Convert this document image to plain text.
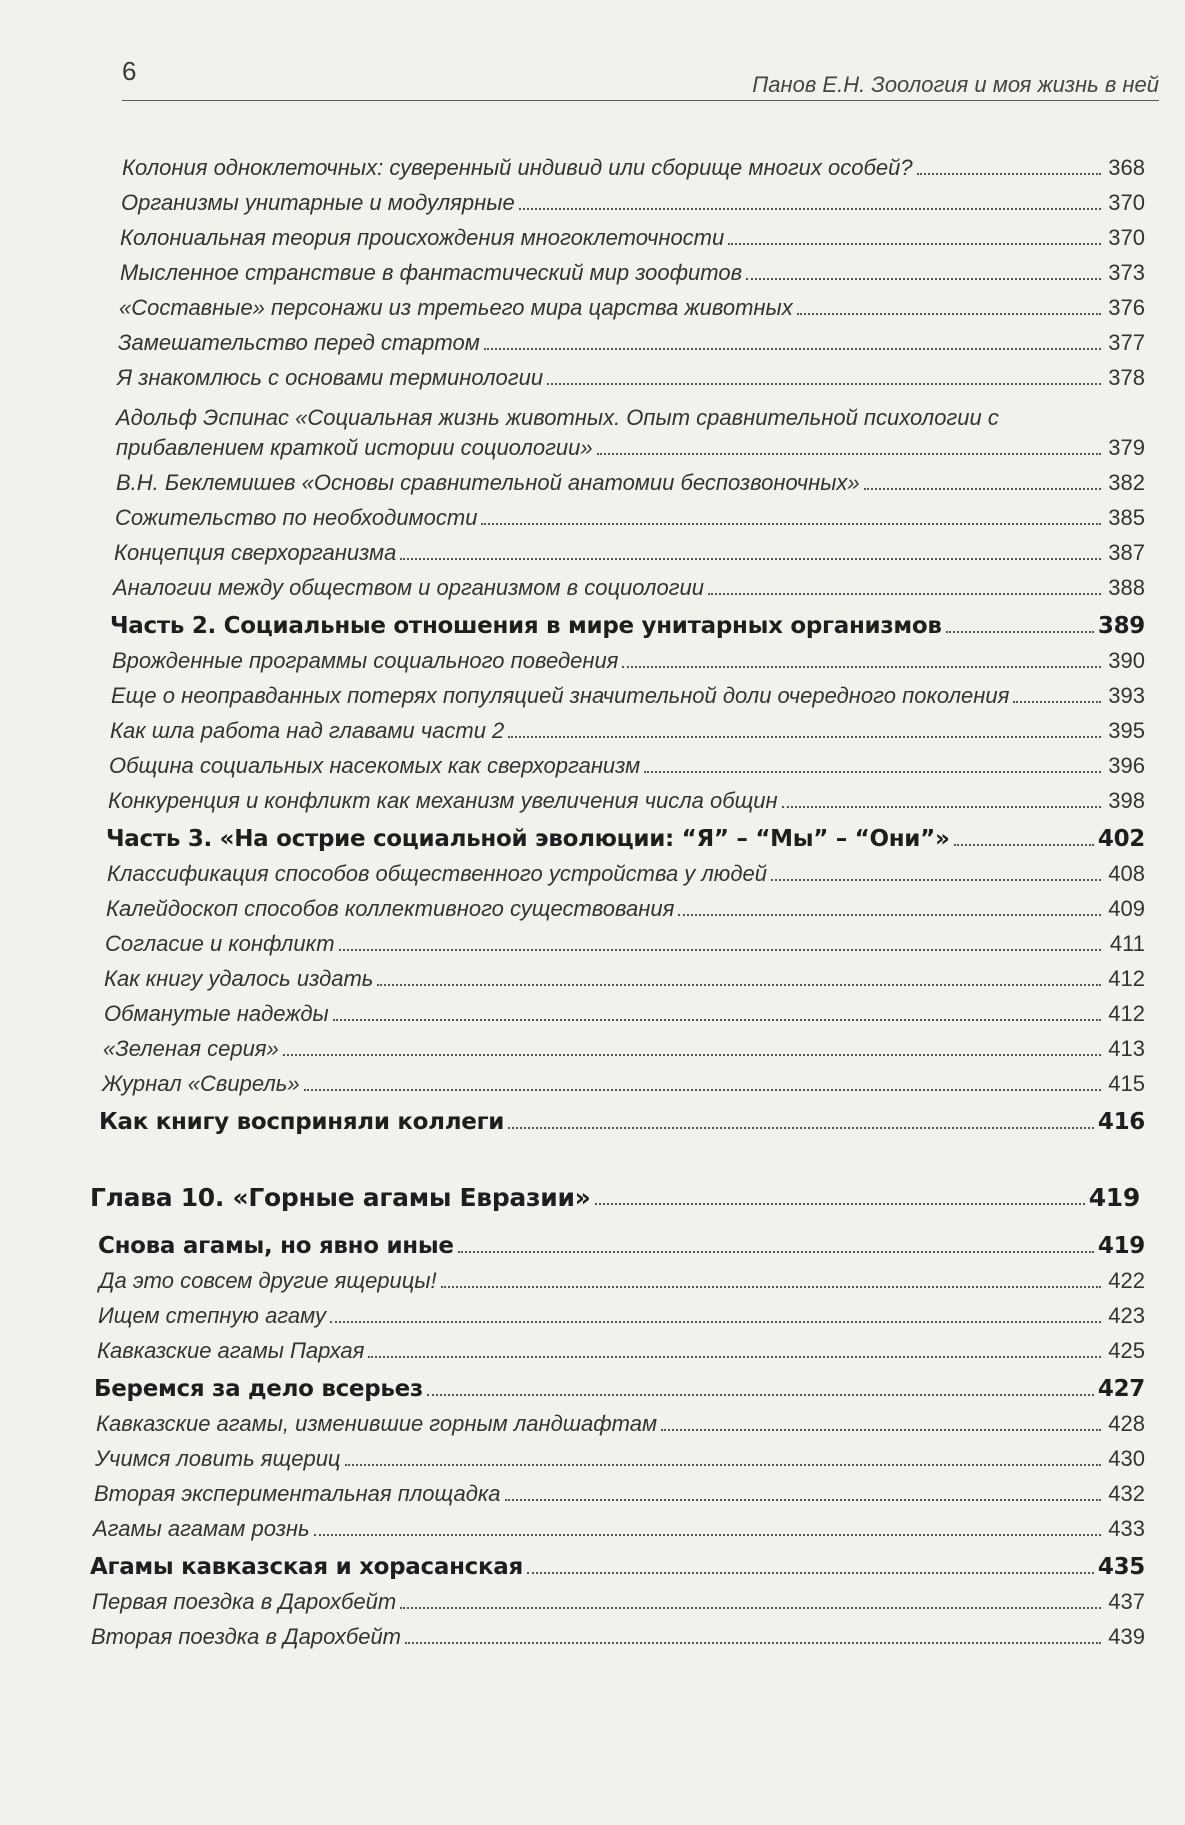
6	Панов Е.Н. Зоология и моя жизнь в ней
Колония одноклеточных: суверенный индивид или сборище многих особей?	368
Организмы унитарные и модулярные	370
Колониальная теория происхождения многоклеточности	370
Мысленное странствие в фантастический мир зоофитов	373
«Составные» персонажи из третьего мира царства животных	376
Замешательство перед стартом	377
Я знакомлюсь с основами терминологии	378
Адольф Эспинас «Социальная жизнь животных. Опыт сравнительной психологии с
прибавлением краткой истории социологии»	379
В.Н. Беклемишев «Основы сравнительной анатомии беспозвоночных»	382
Сожительство по необходимости	385
Концепция сверхорганизма	387
Аналогии между обществом и организмом в социологии	388
Часть 2. Социальные отношения в мире унитарных организмов	389
Врожденные программы социального поведения	390
Еще о неоправданных потерях популяцией значительной доли очередного поколения	393
Как шла работа над главами части 2	395
Община социальных насекомых как сверхорганизм	396
Конкуренция и конфликт как механизм увеличения числа общин	398
Часть 3. «На острие социальной эволюции: “Я” – “Мы” – “Они”»	402
Классификация способов общественного устройства у людей	408
Калейдоскоп способов коллективного существования	409
Согласие и конфликт	411
Как книгу удалось издать	412
Обманутые надежды	412
«Зеленая серия»	413
Журнал «Свирель»	415
Как книгу восприняли коллеги	416
Глава 10. «Горные агамы Евразии»	419
Снова агамы, но явно иные	419
Да это совсем другие ящерицы!	422
Ищем степную агаму	423
Кавказские агамы Пархая	425
Беремся за дело всерьез	427
Кавказские агамы, изменившие горным ландшафтам	428
Учимся ловить ящериц	430
Вторая экспериментальная площадка	432
Агамы агамам рознь	433
Агамы кавказская и хорасанская	435
Первая поездка в Дарохбейт	437
Вторая поездка в Дарохбейт	439
